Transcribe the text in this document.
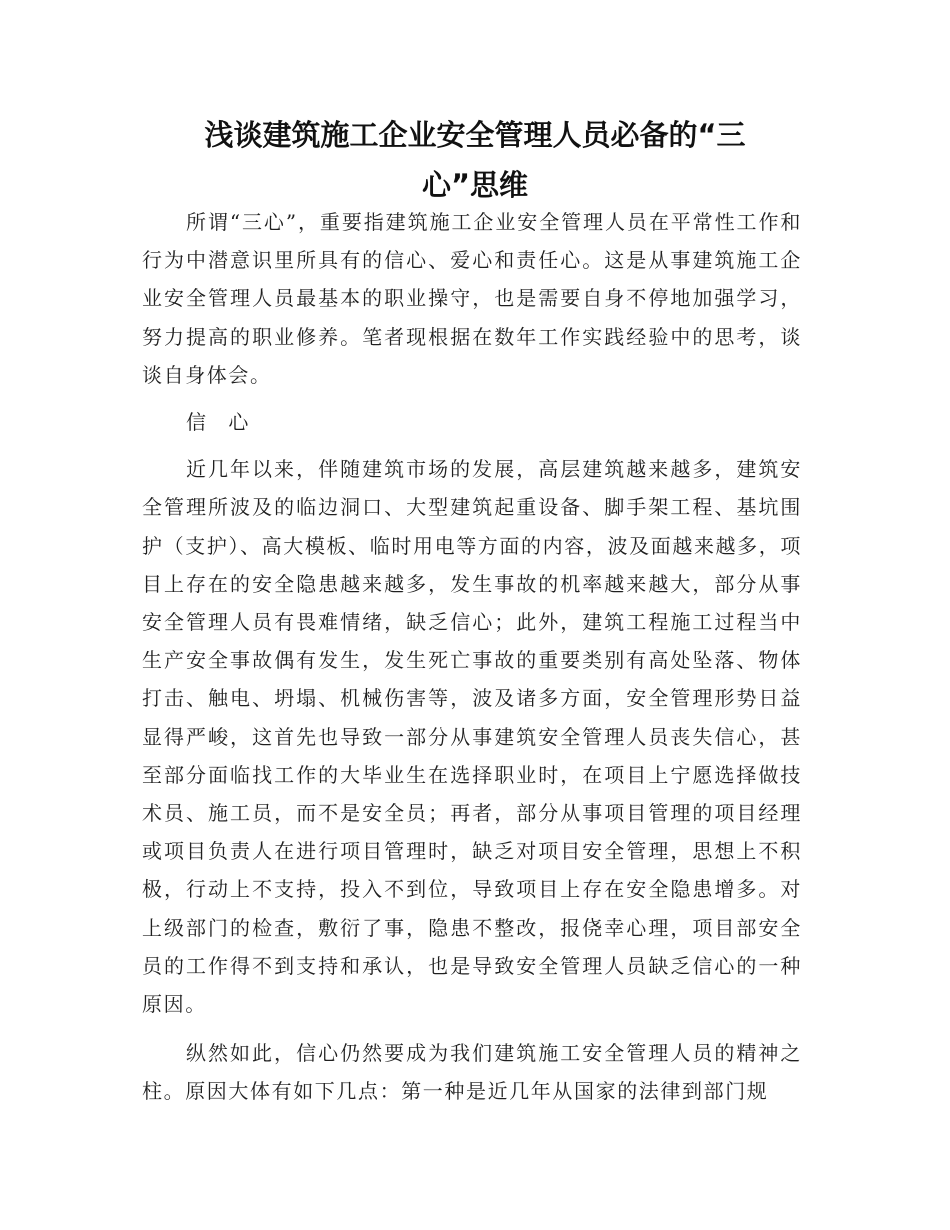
浅谈建筑施工企业安全管理人员必备的“三心”思维

所谓“三心”，重要指建筑施工企业安全管理人员在平常性工作和行为中潜意识里所具有的信心、爱心和责任心。这是从事建筑施工企业安全管理人员最基本的职业操守，也是需要自身不停地加强学习，努力提高的职业修养。笔者现根据在数年工作实践经验中的思考，谈谈自身体会。

信 心

近几年以来，伴随建筑市场的发展，高层建筑越来越多，建筑安全管理所波及的临边洞口、大型建筑起重设备、脚手架工程、基坑围护（支护）、高大模板、临时用电等方面的内容，波及面越来越多，项目上存在的安全隐患越来越多，发生事故的机率越来越大，部分从事安全管理人员有畏难情绪，缺乏信心；此外，建筑工程施工过程当中生产安全事故偶有发生，发生死亡事故的重要类别有高处坠落、物体打击、触电、坍塌、机械伤害等，波及诸多方面，安全管理形势日益显得严峻，这首先也导致一部分从事建筑安全管理人员丧失信心，甚至部分面临找工作的大毕业生在选择职业时，在项目上宁愿选择做技术员、施工员，而不是安全员；再者，部分从事项目管理的项目经理或项目负责人在进行项目管理时，缺乏对项目安全管理，思想上不积极，行动上不支持，投入不到位，导致项目上存在安全隐患增多。对上级部门的检查，敷衍了事，隐患不整改，报侥幸心理，项目部安全员的工作得不到支持和承认，也是导致安全管理人员缺乏信心的一种原因。

纵然如此，信心仍然要成为我们建筑施工安全管理人员的精神之柱。原因大体有如下几点：第一种是近几年从国家的法律到部门规
